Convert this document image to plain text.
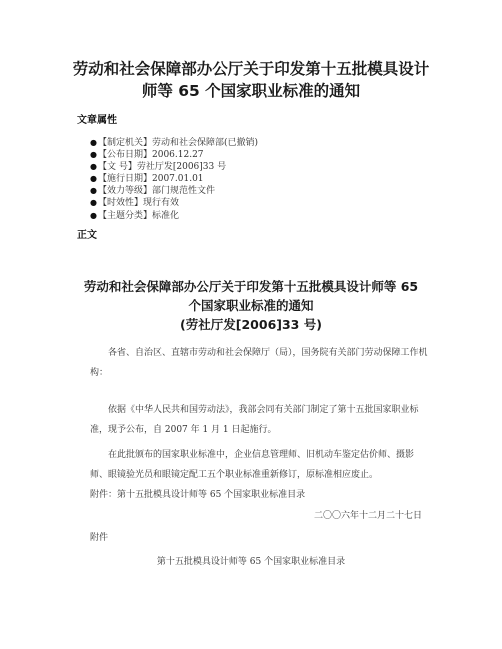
劳动和社会保障部办公厅关于印发第十五批模具设计
师等 65 个国家职业标准的通知
文章属性
●【制定机关】劳动和社会保障部(已撤销)
●【公布日期】2006.12.27
●【文 号】劳社厅发[2006]33 号
●【施行日期】2007.01.01
●【效力等级】部门规范性文件
●【时效性】现行有效
●【主题分类】标准化
正文
劳动和社会保障部办公厅关于印发第十五批模具设计师等 65
个国家职业标准的通知
(劳社厅发[2006]33 号)
各省、自治区、直辖市劳动和社会保障厅（局），国务院有关部门劳动保障工作机构：
依据《中华人民共和国劳动法》，我部会同有关部门制定了第十五批国家职业标准，现予公布，自 2007 年 1 月 1 日起施行。
在此批颁布的国家职业标准中，企业信息管理师、旧机动车鉴定估价师、摄影师、眼镜验光员和眼镜定配工五个职业标准重新修订，原标准相应废止。
附件：第十五批模具设计师等 65 个国家职业标准目录
二〇〇六年十二月二十七日
附件
第十五批模具设计师等 65 个国家职业标准目录
